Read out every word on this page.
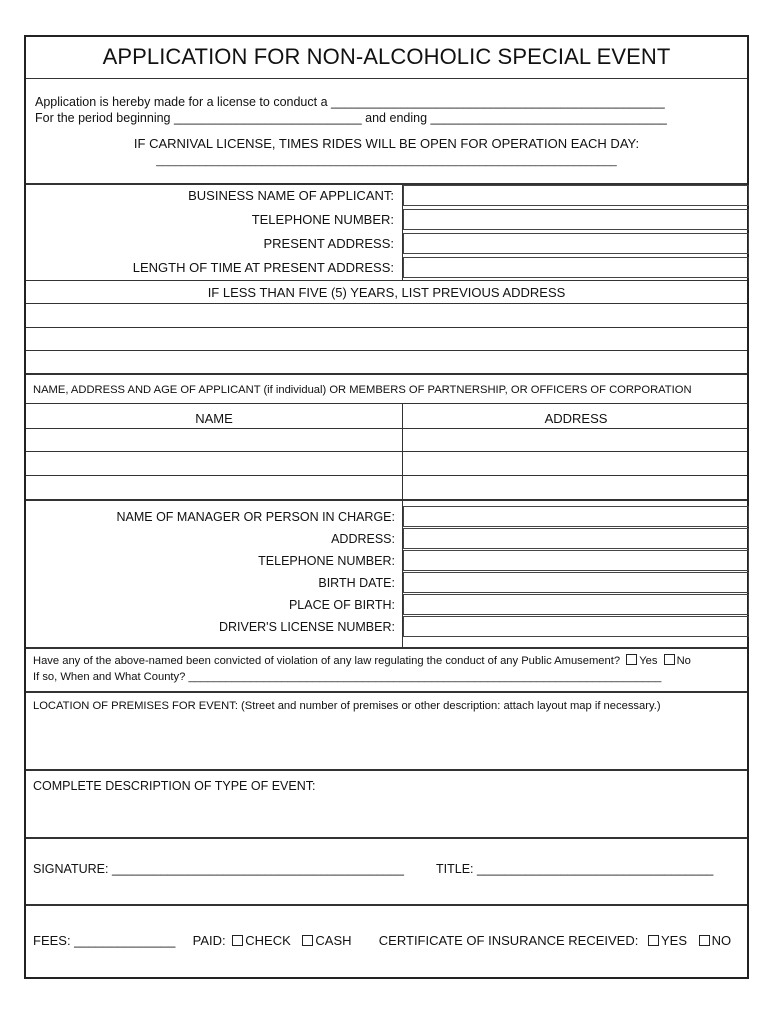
APPLICATION FOR NON-ALCOHOLIC SPECIAL EVENT
Application is hereby made for a license to conduct a ________________________________________________
For the period beginning ___________________________ and ending __________________________________
IF CARNIVAL LICENSE, TIMES RIDES WILL BE OPEN FOR OPERATION EACH DAY:
__________________________________________________________________________
BUSINESS NAME OF APPLICANT:
TELEPHONE NUMBER:
PRESENT ADDRESS:
LENGTH OF TIME AT PRESENT ADDRESS:
IF LESS THAN FIVE (5) YEARS, LIST PREVIOUS ADDRESS
NAME, ADDRESS AND AGE OF APPLICANT (if individual) OR MEMBERS OF PARTNERSHIP, OR OFFICERS OF CORPORATION
NAME	ADDRESS
NAME OF MANAGER OR PERSON IN CHARGE:
ADDRESS:
TELEPHONE NUMBER:
BIRTH DATE:
PLACE OF BIRTH:
DRIVER'S LICENSE NUMBER:
Have any of the above-named been convicted of violation of any law regulating the conduct of any Public Amusement? Yes No
If so, When and What County? ____________________________________________________________________________
LOCATION OF PREMISES FOR EVENT: (Street and number of premises or other description: attach layout map if necessary.)
COMPLETE DESCRIPTION OF TYPE OF EVENT:
SIGNATURE: __________________________________________	TITLE: __________________________________
FEES: ______________ PAID: CHECK CASH CERTIFICATE OF INSURANCE RECEIVED: YES NO
